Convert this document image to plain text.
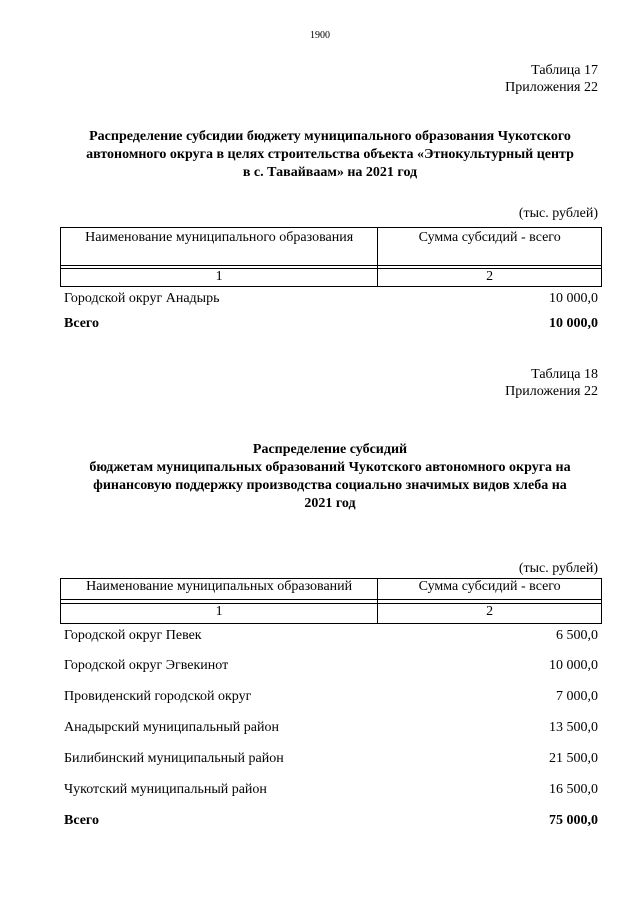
1900
Таблица 17
Приложения 22
Распределение субсидии бюджету муниципального образования Чукотского
автономного округа в целях строительства объекта «Этнокультурный центр
в с. Тавайваам» на 2021 год
(тыс. рублей)
Наименование муниципального образования	Сумма субсидий - всего

1	2
Городской округ Анадырь	10 000,0
Всего	10 000,0
Таблица 18
Приложения 22
Распределение субсидий
бюджетам муниципальных образований Чукотского автономного округа на
финансовую поддержку производства социально значимых видов хлеба на
2021 год
(тыс. рублей)
Наименование муниципальных образований	Сумма субсидий - всего

1	2
Городской округ Певек	6 500,0
Городской округ Эгвекинот	10 000,0
Провиденский городской округ	7 000,0
Анадырский муниципальный район	13 500,0
Билибинский муниципальный район	21 500,0
Чукотский муниципальный район	16 500,0
Всего	75 000,0
